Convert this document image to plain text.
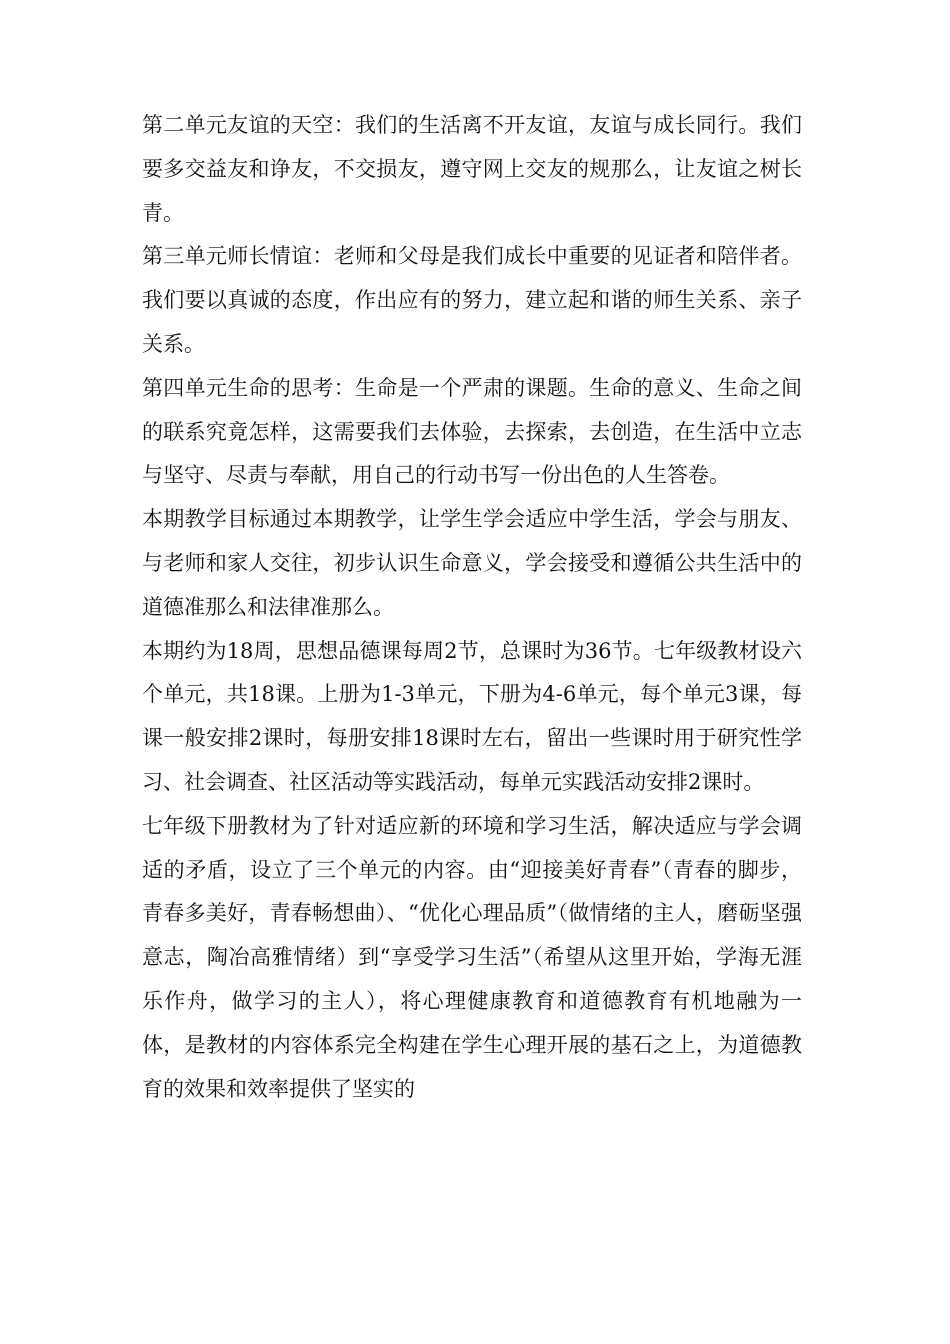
第二单元友谊的天空：我们的生活离不开友谊，友谊与成长同行。我们要多交益友和诤友，不交损友，遵守网上交友的规那么，让友谊之树长青。

第三单元师长情谊：老师和父母是我们成长中重要的见证者和陪伴者。我们要以真诚的态度，作出应有的努力，建立起和谐的师生关系、亲子关系。

第四单元生命的思考：生命是一个严肃的课题。生命的意义、生命之间的联系究竟怎样，这需要我们去体验，去探索，去创造，在生活中立志与坚守、尽责与奉献，用自己的行动书写一份出色的人生答卷。

本期教学目标通过本期教学，让学生学会适应中学生活，学会与朋友、与老师和家人交往，初步认识生命意义，学会接受和遵循公共生活中的道德准那么和法律准那么。

本期约为18周，思想品德课每周2节，总课时为36节。七年级教材设六个单元，共18课。上册为1-3单元，下册为4-6单元，每个单元3课，每课一般安排2课时，每册安排18课时左右，留出一些课时用于研究性学习、社会调查、社区活动等实践活动，每单元实践活动安排2课时。

七年级下册教材为了针对适应新的环境和学习生活，解决适应与学会调适的矛盾，设立了三个单元的内容。由“迎接美好青春”（青春的脚步，青春多美好，青春畅想曲）、“优化心理品质”（做情绪的主人，磨砺坚强意志，陶冶高雅情绪）到“享受学习生活”（希望从这里开始，学海无涯乐作舟，做学习的主人），将心理健康教育和道德教育有机地融为一体，是教材的内容体系完全构建在学生心理开展的基石之上，为道德教育的效果和效率提供了坚实的
